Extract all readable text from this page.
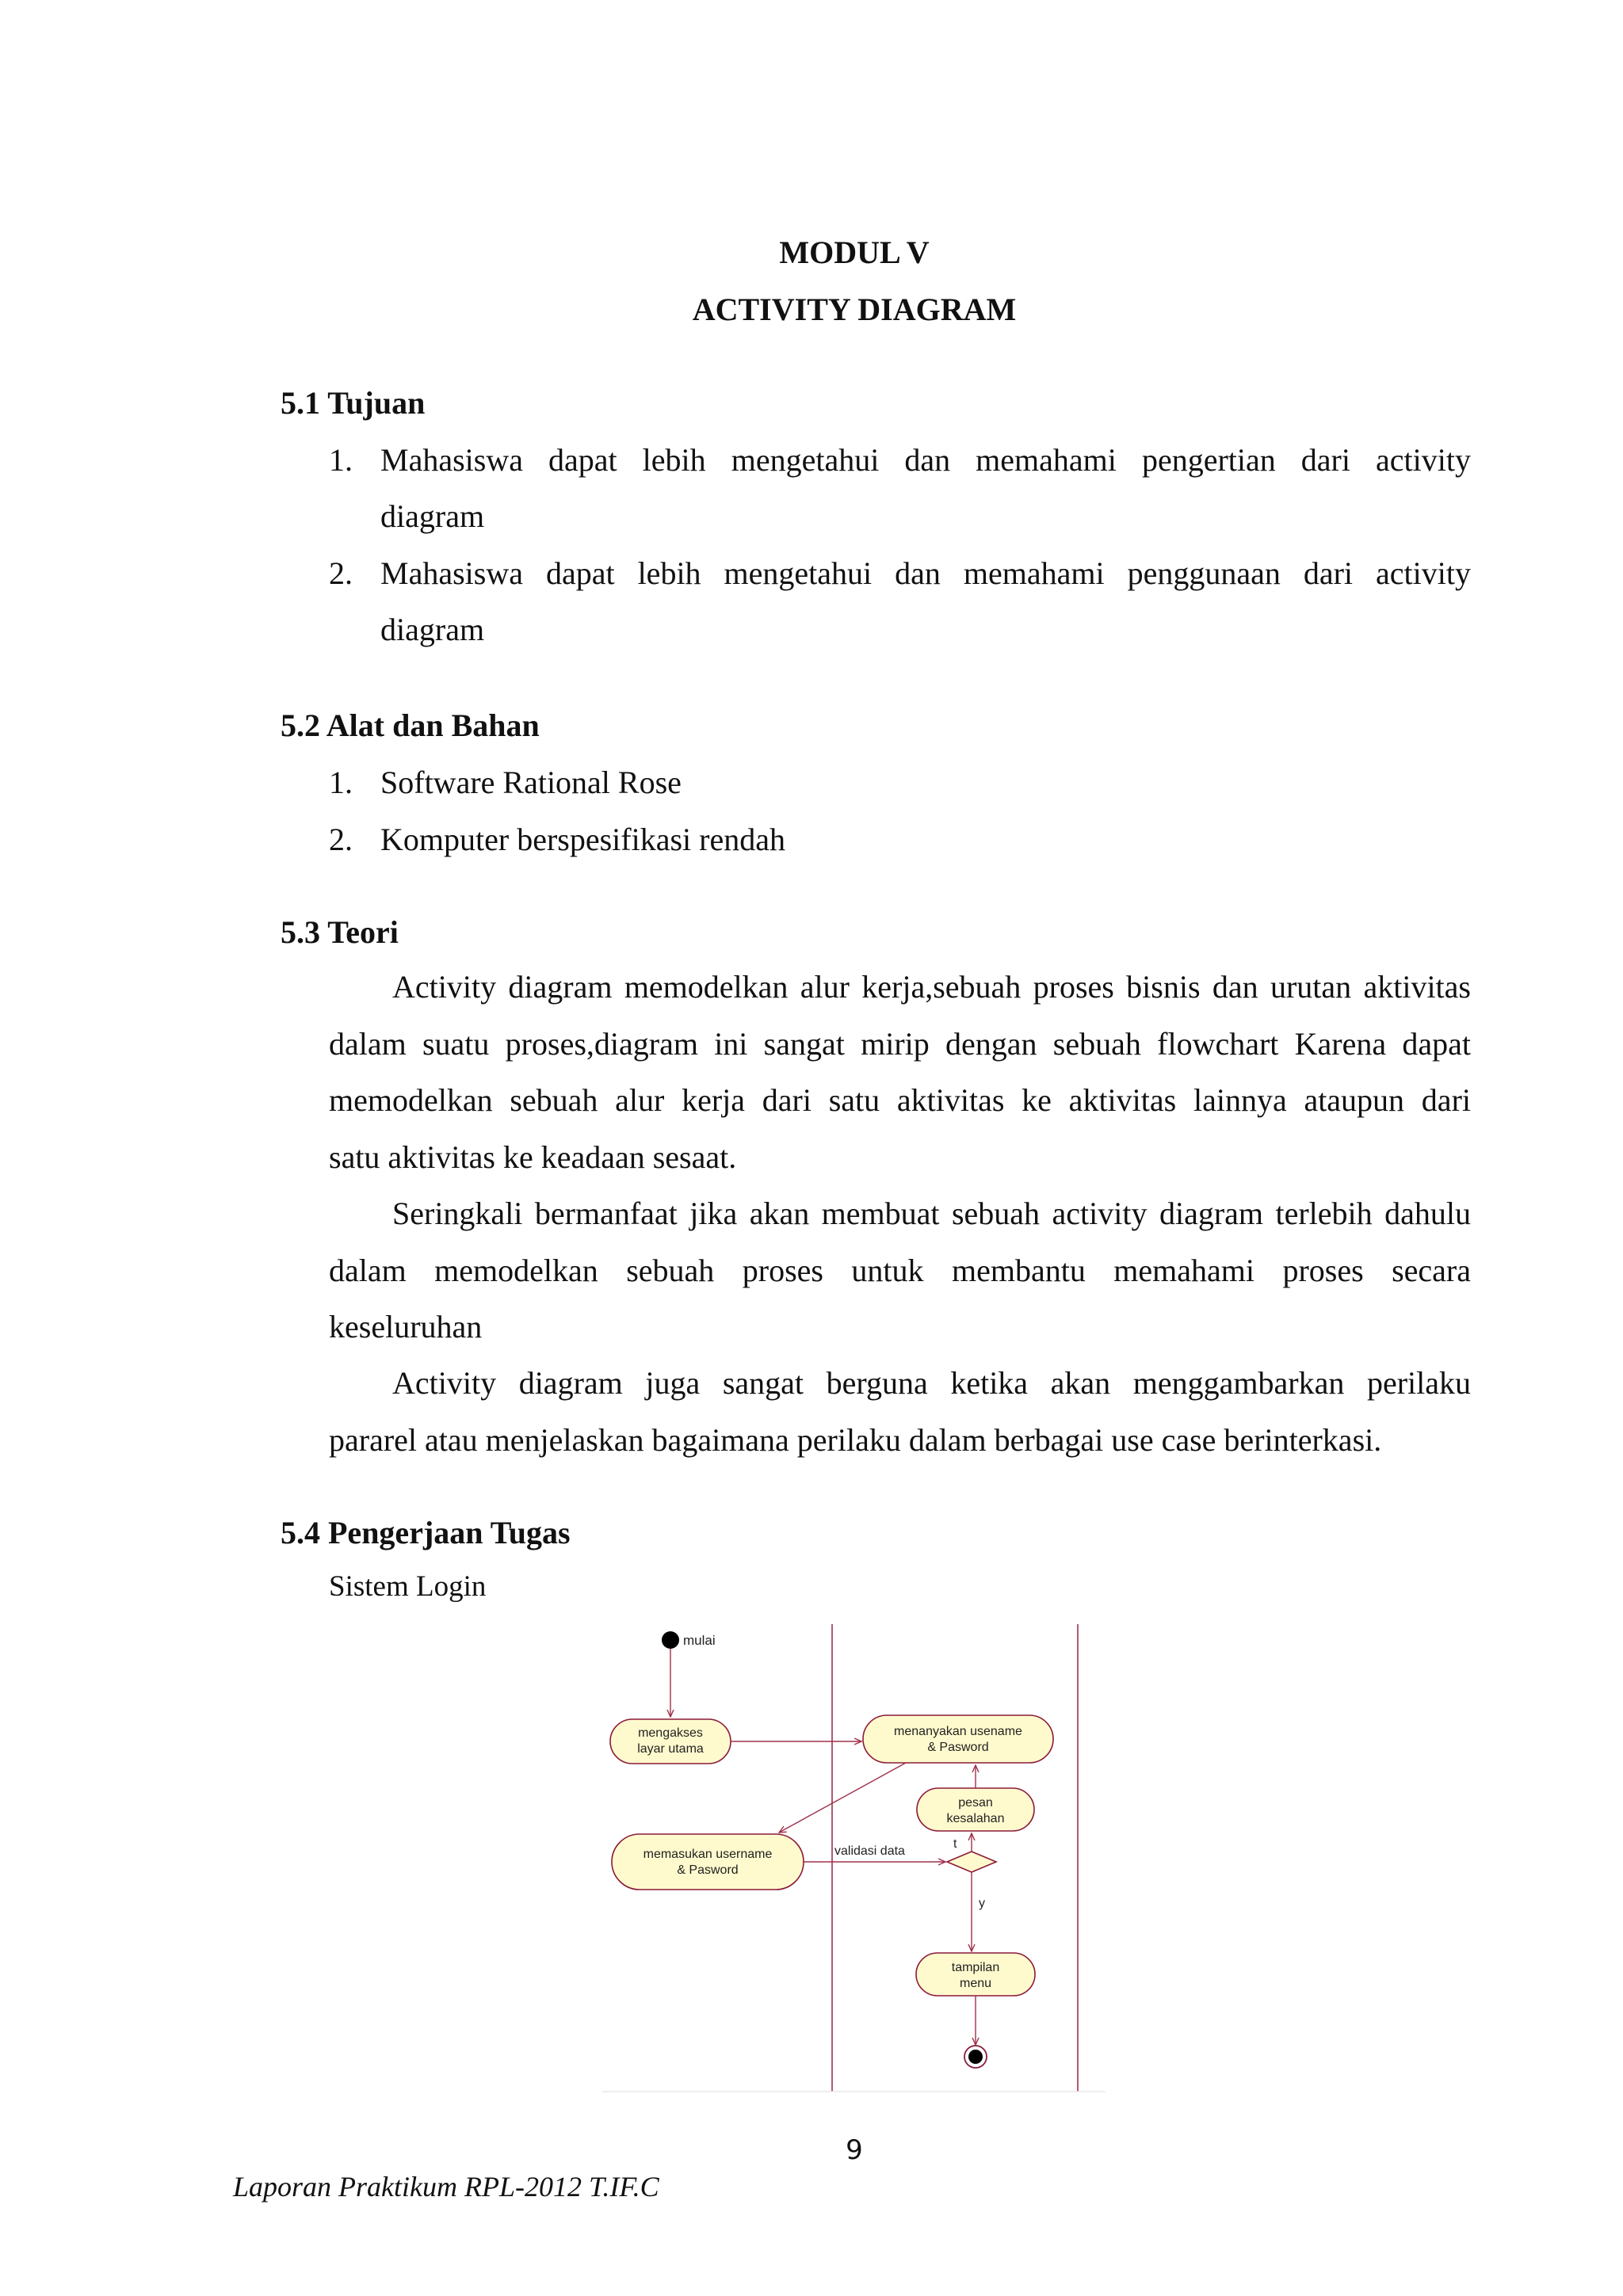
MODUL V
ACTIVITY DIAGRAM
5.1 Tujuan
1. Mahasiswa dapat lebih mengetahui dan memahami pengertian dari activity
diagram
2. Mahasiswa dapat lebih mengetahui dan memahami penggunaan dari activity
diagram
5.2 Alat dan Bahan
1. Software Rational Rose
2. Komputer berspesifikasi rendah
5.3 Teori
Activity diagram memodelkan alur kerja,sebuah proses bisnis dan urutan aktivitas
dalam suatu proses,diagram ini sangat mirip dengan sebuah flowchart Karena dapat
memodelkan sebuah alur kerja dari satu aktivitas ke aktivitas lainnya ataupun dari
satu aktivitas ke keadaan sesaat.
Seringkali bermanfaat jika akan membuat sebuah activity diagram terlebih dahulu
dalam memodelkan sebuah proses untuk membantu memahami proses secara
keseluruhan
Activity diagram juga sangat berguna ketika akan menggambarkan perilaku
pararel atau menjelaskan bagaimana perilaku dalam berbagai use case berinterkasi.
5.4 Pengerjaan Tugas
Sistem Login
mulai
mengakses
layar utama
menanyakan usename
& Pasword
pesan
kesalahan
memasukan username
& Pasword
validasi data
t
y
tampilan
menu
9
Laporan Praktikum RPL-2012 T.IF.C
